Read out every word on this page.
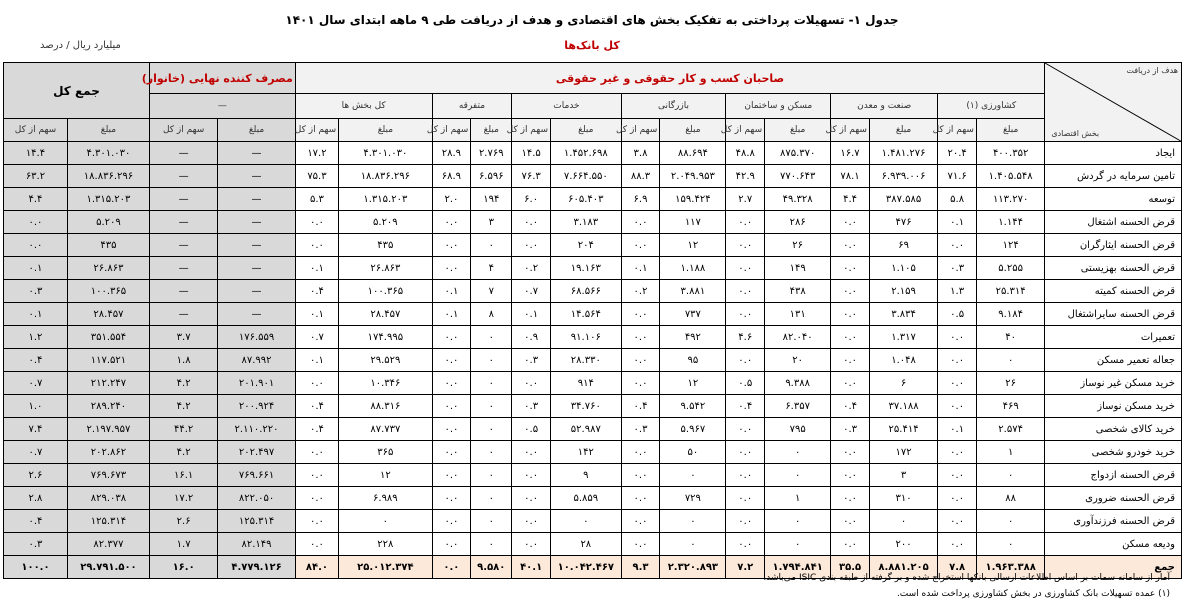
جدول ۱- تسهیلات پرداختی به تفکیک بخش های اقتصادی و هدف از دریافت طی ۹ ماهه ابتدای سال ۱۴۰۱
کل بانک‌ها
میلیارد ریال / درصد
هدف از دریافت
بخش اقتصادی	صاحبان کسب و کار حقوقی و غیر حقوقی														مصرف کننده نهایی (خانوار)		جمع کل	
	کشاورزی (۱)		صنعت و معدن		مسکن و ساختمان		بازرگانی		خدمات		متفرقه		کل بخش ها		—			
	مبلغ	سهم از کل	مبلغ	سهم از کل	مبلغ	سهم از کل	مبلغ	سهم از کل	مبلغ	سهم از کل	مبلغ	سهم از کل	مبلغ	سهم از کل	مبلغ	سهم از کل	مبلغ	سهم از کل
ایجاد	۴۰۰.۳۵۲	۲۰.۴	۱.۴۸۱.۲۷۶	۱۶.۷	۸۷۵.۳۷۰	۴۸.۸	۸۸.۶۹۴	۳.۸	۱.۴۵۲.۶۹۸	۱۴.۵	۲.۷۶۹	۲۸.۹	۴.۳۰۱.۰۳۰	۱۷.۲	—	—	۴.۳۰۱.۰۳۰	۱۴.۴
تامین سرمایه در گردش	۱.۴۰۵.۵۴۸	۷۱.۶	۶.۹۳۹.۰۰۶	۷۸.۱	۷۷۰.۶۴۳	۴۲.۹	۲.۰۴۹.۹۵۳	۸۸.۳	۷.۶۶۴.۵۵۰	۷۶.۳	۶.۵۹۶	۶۸.۹	۱۸.۸۳۶.۲۹۶	۷۵.۳	—	—	۱۸.۸۳۶.۲۹۶	۶۳.۲
توسعه	۱۱۳.۲۷۰	۵.۸	۳۸۷.۵۸۵	۴.۴	۴۹.۳۲۸	۲.۷	۱۵۹.۴۲۴	۶.۹	۶۰۵.۴۰۳	۶.۰	۱۹۴	۲.۰	۱.۳۱۵.۲۰۳	۵.۳	—	—	۱.۳۱۵.۲۰۳	۴.۴
قرض الحسنه اشتغال	۱.۱۴۴	۰.۱	۴۷۶	۰.۰	۲۸۶	۰.۰	۱۱۷	۰.۰	۳.۱۸۳	۰.۰	۳	۰.۰	۵.۲۰۹	۰.۰	—	—	۵.۲۰۹	۰.۰
قرض الحسنه ایثارگران	۱۲۴	۰.۰	۶۹	۰.۰	۲۶	۰.۰	۱۲	۰.۰	۲۰۴	۰.۰	۰	۰.۰	۴۳۵	۰.۰	—	—	۴۳۵	۰.۰
قرض الحسنه بهزیستی	۵.۲۵۵	۰.۳	۱.۱۰۵	۰.۰	۱۴۹	۰.۰	۱.۱۸۸	۰.۱	۱۹.۱۶۳	۰.۲	۴	۰.۰	۲۶.۸۶۳	۰.۱	—	—	۲۶.۸۶۳	۰.۱
قرض الحسنه کمیته	۲۵.۳۱۴	۱.۳	۲.۱۵۹	۰.۰	۴۳۸	۰.۰	۳.۸۸۱	۰.۲	۶۸.۵۶۶	۰.۷	۷	۰.۱	۱۰۰.۳۶۵	۰.۴	—	—	۱۰۰.۳۶۵	۰.۳
قرض الحسنه سایراشتغال	۹.۱۸۴	۰.۵	۳.۸۳۴	۰.۰	۱۳۱	۰.۰	۷۳۷	۰.۰	۱۴.۵۶۴	۰.۱	۸	۰.۱	۲۸.۴۵۷	۰.۱	—	—	۲۸.۴۵۷	۰.۱
تعمیرات	۴۰	۰.۰	۱.۳۱۷	۰.۰	۸۲.۰۴۰	۴.۶	۴۹۲	۰.۰	۹۱.۱۰۶	۰.۹	۰	۰.۰	۱۷۴.۹۹۵	۰.۷	۱۷۶.۵۵۹	۳.۷	۳۵۱.۵۵۴	۱.۲
جعاله تعمیر مسکن	۰	۰.۰	۱.۰۴۸	۰.۰	۲۰	۰.۰	۹۵	۰.۰	۲۸.۳۳۰	۰.۳	۰	۰.۰	۲۹.۵۲۹	۰.۱	۸۷.۹۹۲	۱.۸	۱۱۷.۵۲۱	۰.۴
خرید مسکن غیر نوساز	۲۶	۰.۰	۶	۰.۰	۹.۳۸۸	۰.۵	۱۲	۰.۰	۹۱۴	۰.۰	۰	۰.۰	۱۰.۳۴۶	۰.۰	۲۰۱.۹۰۱	۴.۲	۲۱۲.۲۴۷	۰.۷
خرید مسکن نوساز	۴۶۹	۰.۰	۳۷.۱۸۸	۰.۴	۶.۳۵۷	۰.۴	۹.۵۴۲	۰.۴	۳۴.۷۶۰	۰.۳	۰	۰.۰	۸۸.۳۱۶	۰.۴	۲۰۰.۹۲۴	۴.۲	۲۸۹.۲۴۰	۱.۰
خرید کالای شخصی	۲.۵۷۴	۰.۱	۲۵.۴۱۴	۰.۳	۷۹۵	۰.۰	۵.۹۶۷	۰.۳	۵۲.۹۸۷	۰.۵	۰	۰.۰	۸۷.۷۳۷	۰.۴	۲.۱۱۰.۲۲۰	۴۴.۲	۲.۱۹۷.۹۵۷	۷.۴
خرید خودرو شخصی	۱	۰.۰	۱۷۲	۰.۰	۰	۰.۰	۵۰	۰.۰	۱۴۲	۰.۰	۰	۰.۰	۳۶۵	۰.۰	۲۰۲.۴۹۷	۴.۲	۲۰۲.۸۶۲	۰.۷
قرض الحسنه ازدواج	۰	۰.۰	۳	۰.۰	۰	۰.۰	۰	۰.۰	۹	۰.۰	۰	۰.۰	۱۲	۰.۰	۷۶۹.۶۶۱	۱۶.۱	۷۶۹.۶۷۳	۲.۶
قرض الحسنه ضروری	۸۸	۰.۰	۳۱۰	۰.۰	۱	۰.۰	۷۲۹	۰.۰	۵.۸۵۹	۰.۰	۰	۰.۰	۶.۹۸۹	۰.۰	۸۲۲.۰۵۰	۱۷.۲	۸۲۹.۰۳۸	۲.۸
قرض الحسنه فرزندآوری	۰	۰.۰	۰	۰.۰	۰	۰.۰	۰	۰.۰	۰	۰.۰	۰	۰.۰	۰	۰.۰	۱۲۵.۳۱۴	۲.۶	۱۲۵.۳۱۴	۰.۴
ودیعه مسکن	۰	۰.۰	۲۰۰	۰.۰	۰	۰.۰	۰	۰.۰	۲۸	۰.۰	۰	۰.۰	۲۲۸	۰.۰	۸۲.۱۴۹	۱.۷	۸۲.۳۷۷	۰.۳
جمع	۱.۹۶۳.۳۸۸	۷.۸	۸.۸۸۱.۲۰۵	۳۵.۵	۱.۷۹۴.۸۴۱	۷.۲	۲.۳۲۰.۸۹۳	۹.۳	۱۰.۰۴۲.۴۶۷	۴۰.۱	۹.۵۸۰	۰.۰	۲۵.۰۱۲.۳۷۴	۸۴.۰	۴.۷۷۹.۱۲۶	۱۶.۰	۲۹.۷۹۱.۵۰۰	۱۰۰.۰
آمار از سامانه سمات بر اساس اطلاعات ارسالی بانکها استخراج شده و بر گرفته از طبقه بندی ISIC می‌باشد.
(۱) عمده تسهیلات بانک کشاورزی در بخش کشاورزی پرداخت شده است.
